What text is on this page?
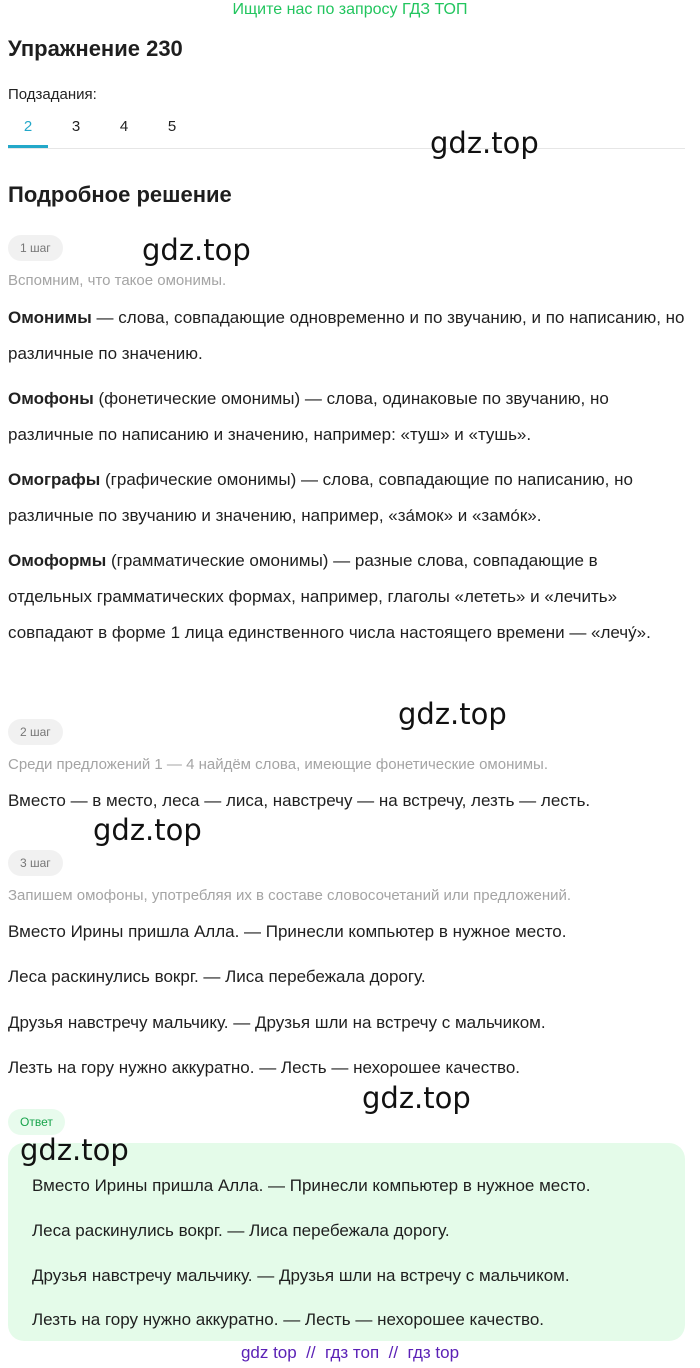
Ищите нас по запросу ГДЗ ТОП
Упражнение 230
Подзадания:
2	3	4	5	gdz.top
Подробное решение
1 шаг	gdz.top
Вспомним, что такое омонимы.
Омонимы — слова, совпадающие одновременно и по звучанию, и по написанию, но различные по значению.
Омофоны (фонетические омонимы) — слова, одинаковые по звучанию, но различные по написанию и значению, например: «туш» и «тушь».
Омографы (графические омонимы) — слова, совпадающие по написанию, но различные по звучанию и значению, например, «за́мок» и «замо́к».
Омоформы (грамматические омонимы) — разные слова, совпадающие в отдельных грамматических формах, например, глаголы «лететь» и «лечить» совпадают в форме 1 лица единственного числа настоящего времени — «лечу́».
gdz.top
2 шаг
Среди предложений 1 — 4 найдём слова, имеющие фонетические омонимы.
Вместо — в место, леса — лиса, навстречу — на встречу, лезть — лесть.
gdz.top
3 шаг
Запишем омофоны, употребляя их в составе словосочетаний или предложений.
Вместо Ирины пришла Алла. — Принесли компьютер в нужное место.
Леса раскинулись вокрг. — Лиса перебежала дорогу.
Друзья навстречу мальчику. — Друзья шли на встречу с мальчиком.
Лезть на гору нужно аккуратно. — Лесть — нехорошее качество.
gdz.top
Ответ
gdz.top
Вместо Ирины пришла Алла. — Принесли компьютер в нужное место.
Леса раскинулись вокрг. — Лиса перебежала дорогу.
Друзья навстречу мальчику. — Друзья шли на встречу с мальчиком.
Лезть на гору нужно аккуратно. — Лесть — нехорошее качество.
gdz top  //  гдз топ  //  гдз top
